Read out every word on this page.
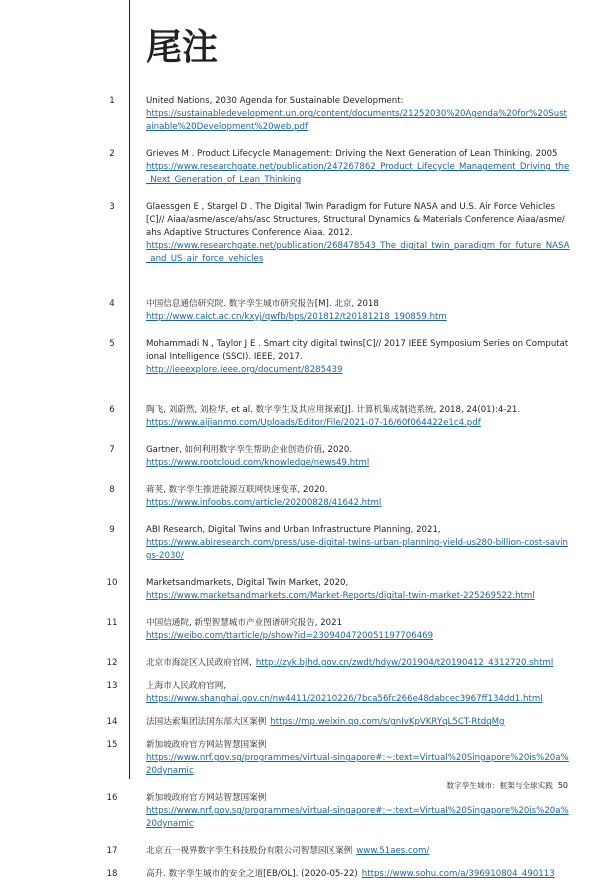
尾注
1	United Nations, 2030 Agenda for Sustainable Development:
https://sustainabledevelopment.un.org/content/documents/21252030%20Agenda%20for%20Sustainable%20Development%20web.pdf
2	Grieves M . Product Lifecycle Management: Driving the Next Generation of Lean Thinking. 2005
https://www.researchgate.net/publication/247267862_Product_Lifecycle_Management_Driving_the_Next_Generation_of_Lean_Thinking
3	Glaessgen E , Stargel D . The Digital Twin Paradigm for Future NASA and U.S. Air Force Vehicles[C]// Aiaa/asme/asce/ahs/asc Structures, Structural Dynamics & Materials Conference Aiaa/asme/ahs Adaptive Structures Conference Aiaa. 2012.
https://www.researchgate.net/publication/268478543_The_digital_twin_paradigm_for_future_NASA_and_US_air_force_vehicles
4	中国信息通信研究院. 数字孪生城市研究报告[M]. 北京, 2018
http://www.caict.ac.cn/kxyj/qwfb/bps/201812/t20181218_190859.htm
5	Mohammadi N , Taylor J E . Smart city digital twins[C]// 2017 IEEE Symposium Series on Computational Intelligence (SSCI). IEEE, 2017.
http://ieeexplore.ieee.org/document/8285439
6	陶飞, 刘蔚然, 刘检华, et al. 数字孪生及其应用探索[J]. 计算机集成制造系统, 2018, 24(01):4-21.
https://www.aijianmo.com/Uploads/Editor/File/2021-07-16/60f064422e1c4.pdf
7	Gartner, 如何利用数字孪生帮助企业创造价值, 2020.
https://www.rootcloud.com/knowledge/news49.html
8	蒋荚, 数字孪生推进能源互联网快速变革, 2020.
https://www.infoobs.com/article/20200828/41642.html
9	ABI Research, Digital Twins and Urban Infrastructure Planning, 2021,
https://www.abiresearch.com/press/use-digital-twins-urban-planning-yield-us280-billion-cost-savings-2030/
10	Marketsandmarkets, Digital Twin Market, 2020,
https://www.marketsandmarkets.com/Market-Reports/digital-twin-market-225269522.html
11	中国信通院, 新型智慧城市产业图谱研究报告, 2021
https://weibo.com/ttarticle/p/show?id=2309404720051197706469
12	北京市海淀区人民政府官网, http://zyk.bjhd.gov.cn/zwdt/hdyw/201904/t20190412_4312720.shtml
13	上海市人民政府官网,
https://www.shanghai.gov.cn/nw4411/20210226/7bca56fc266e48dabcec3967ff134dd1.html
14	法国达索集团法国东部大区案例 https://mp.weixin.qq.com/s/gnIvKpVKRYqL5CT-RtdqMg
15	新加坡政府官方网站智慧国案例
https://www.nrf.gov.sg/programmes/virtual-singapore#:~:text=Virtual%20Singapore%20is%20a%20dynamic
16	新加坡政府官方网站智慧国案例
https://www.nrf.gov.sg/programmes/virtual-singapore#:~:text=Virtual%20Singapore%20is%20a%20dynamic
17	北京五一视界数字孪生科技股份有限公司智慧园区案例 www.51aes.com/
18	高升. 数字孪生城市的安全之道[EB/OL]. (2020-05-22) https://www.sohu.com/a/396910804_490113
数字孪生城市：框架与全球实践 50
